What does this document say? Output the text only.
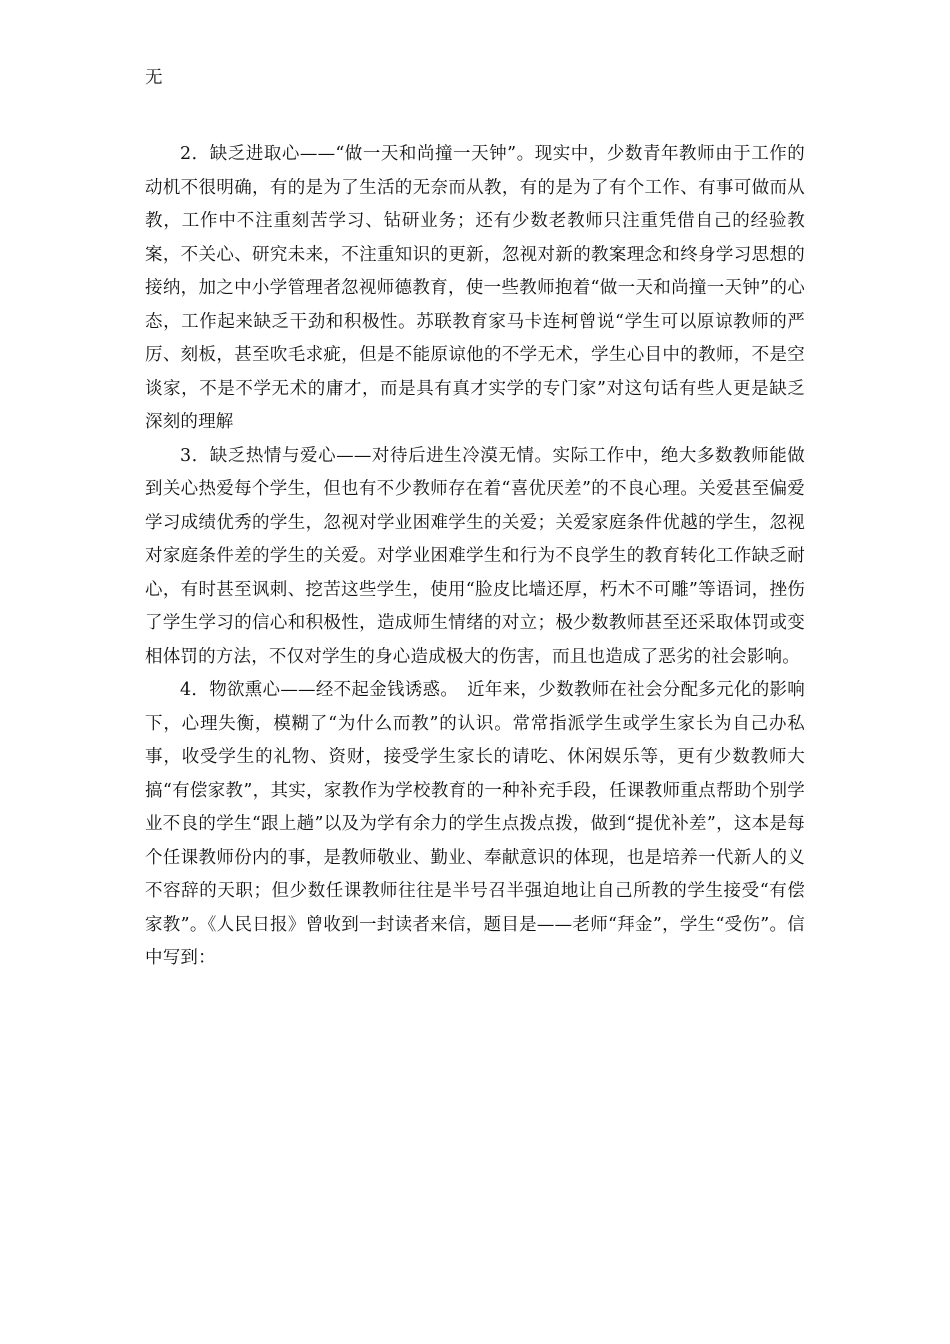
无

2．缺乏进取心——“做一天和尚撞一天钟”。现实中，少数青年教师由于工作的动机不很明确，有的是为了生活的无奈而从教，有的是为了有个工作、有事可做而从教，工作中不注重刻苦学习、钻研业务；还有少数老教师只注重凭借自己的经验教案，不关心、研究未来，不注重知识的更新，忽视对新的教案理念和终身学习思想的接纳，加之中小学管理者忽视师德教育，使一些教师抱着“做一天和尚撞一天钟”的心态，工作起来缺乏干劲和积极性。苏联教育家马卡连柯曾说“学生可以原谅教师的严厉、刻板，甚至吹毛求疵，但是不能原谅他的不学无术，学生心目中的教师，不是空谈家，不是不学无术的庸才，而是具有真才实学的专门家”对这句话有些人更是缺乏深刻的理解

3．缺乏热情与爱心——对待后进生冷漠无情。实际工作中，绝大多数教师能做到关心热爱每个学生，但也有不少教师存在着“喜优厌差”的不良心理。关爱甚至偏爱学习成绩优秀的学生，忽视对学业困难学生的关爱；关爱家庭条件优越的学生，忽视对家庭条件差的学生的关爱。对学业困难学生和行为不良学生的教育转化工作缺乏耐心，有时甚至讽刺、挖苦这些学生，使用“脸皮比墙还厚，朽木不可雕”等语词，挫伤了学生学习的信心和积极性，造成师生情绪的对立；极少数教师甚至还采取体罚或变相体罚的方法，不仅对学生的身心造成极大的伤害，而且也造成了恶劣的社会影响。

4．物欲熏心——经不起金钱诱惑。　近年来，少数教师在社会分配多元化的影响下，心理失衡，模糊了“为什么而教”的认识。常常指派学生或学生家长为自己办私事，收受学生的礼物、资财，接受学生家长的请吃、休闲娱乐等，更有少数教师大搞“有偿家教”，其实，家教作为学校教育的一种补充手段，任课教师重点帮助个别学业不良的学生“跟上趟”以及为学有余力的学生点拨点拨，做到“提优补差”，这本是每个任课教师份内的事，是教师敬业、勤业、奉献意识的体现，也是培养一代新人的义不容辞的天职；但少数任课教师往往是半号召半强迫地让自己所教的学生接受“有偿家教”。《人民日报》曾收到一封读者来信，题目是——老师“拜金”，学生“受伤”。信中写到：
